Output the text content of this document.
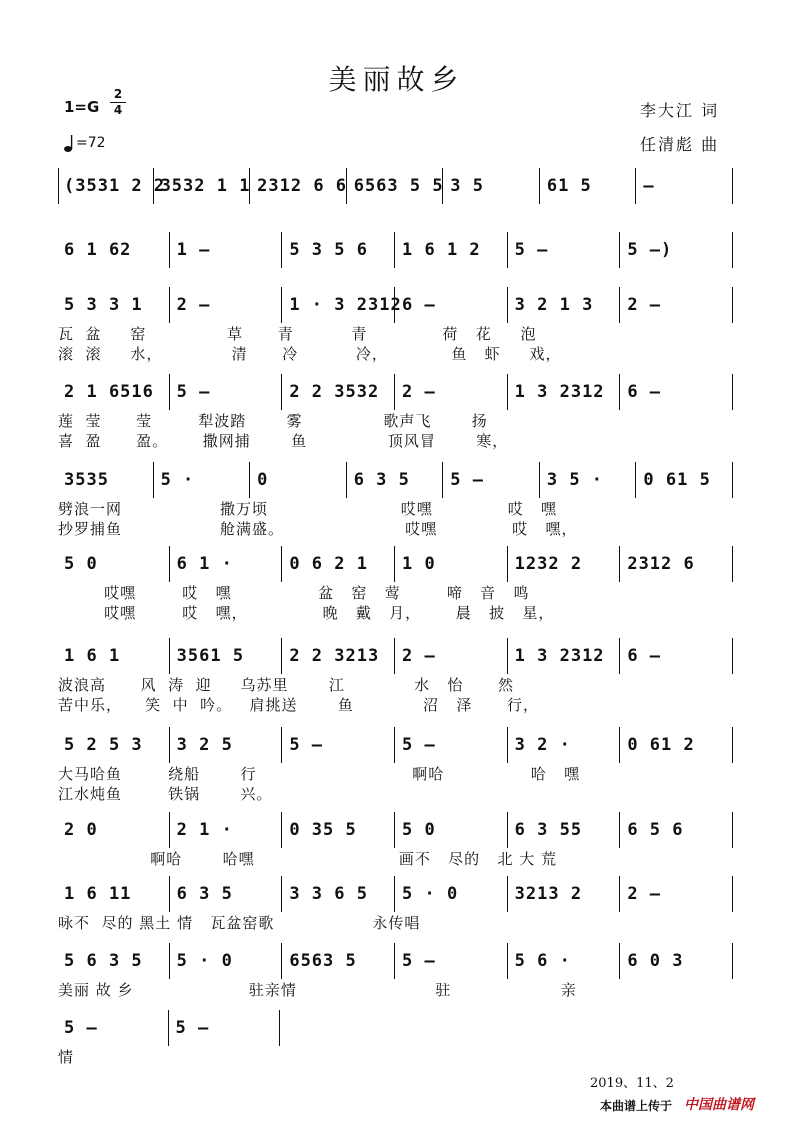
美丽故乡
1=G
2
4
=72
李大江 词
任清彪 曲
(3531 2 2
3532 1 1 2312 6 6 6563 5 5 3 5	61 5	–
6 1 62	1 –	5 3 5 6 1 6 1 2 5 –	5 –)
5 3 3 1 2 –	1 · 3 2312 6 –	3 2 1 3 2 –
瓦  盆     窑              草      青          青             荷   花     泡
滚  滚     水，            清      冷          冷，           鱼   虾     戏，
2 1 6516 5 –	2 2 3532 2 –	1 3 2312 6 –
莲  莹      莹        犁波踏       雾              歌声飞       扬
喜  盈      盈。      撒网捕       鱼              顶风冒       寒，
3535	5 ·	0	6 3 5 5 –	3 5 · 0 61 5
劈浪一网                 撒万顷                       哎嘿             哎   嘿
抄罗捕鱼                 舱满盛。                     哎嘿             哎   嘿，
5 0	6 1 ·	0 6 2 1 1 0	1232 2	2312 6
哎嘿        哎   嘿               盆   窑   莺        啼   音   鸣
哎嘿        哎   嘿，             晚   戴   月，      晨   披   星，
1 6 1	3561 5	2 2 3213 2 –	1 3 2312 6 –
波浪高      风  涛  迎     乌苏里       江            水   怡      然
苦中乐，    笑  中  吟。   肩挑送       鱼            沼   泽      行，
5 2 5 3 3 2 5	5 –	5 –	3 2 ·	0 61 2
大马哈鱼        绕船       行                           啊哈               哈   嘿
江水炖鱼        铁锅       兴。
2 0	2 1 ·	0 35 5	5 0	6 3 55	6 5 6
啊哈       哈嘿                         画不   尽的   北 大 荒
1 6 11	6 3 5	3 3 6 5 5 · 0	3213 2	2 –
咏不  尽的 黑土 情   瓦盆窑歌                 永传唱
5 6 3 5 5 · 0	6563 5	5 –	5 6 ·	6 0 3
美丽 故 乡                    驻亲情                        驻                   亲
5 –	5 –
情
2019、11、2
本曲谱上传于 中国曲谱网
